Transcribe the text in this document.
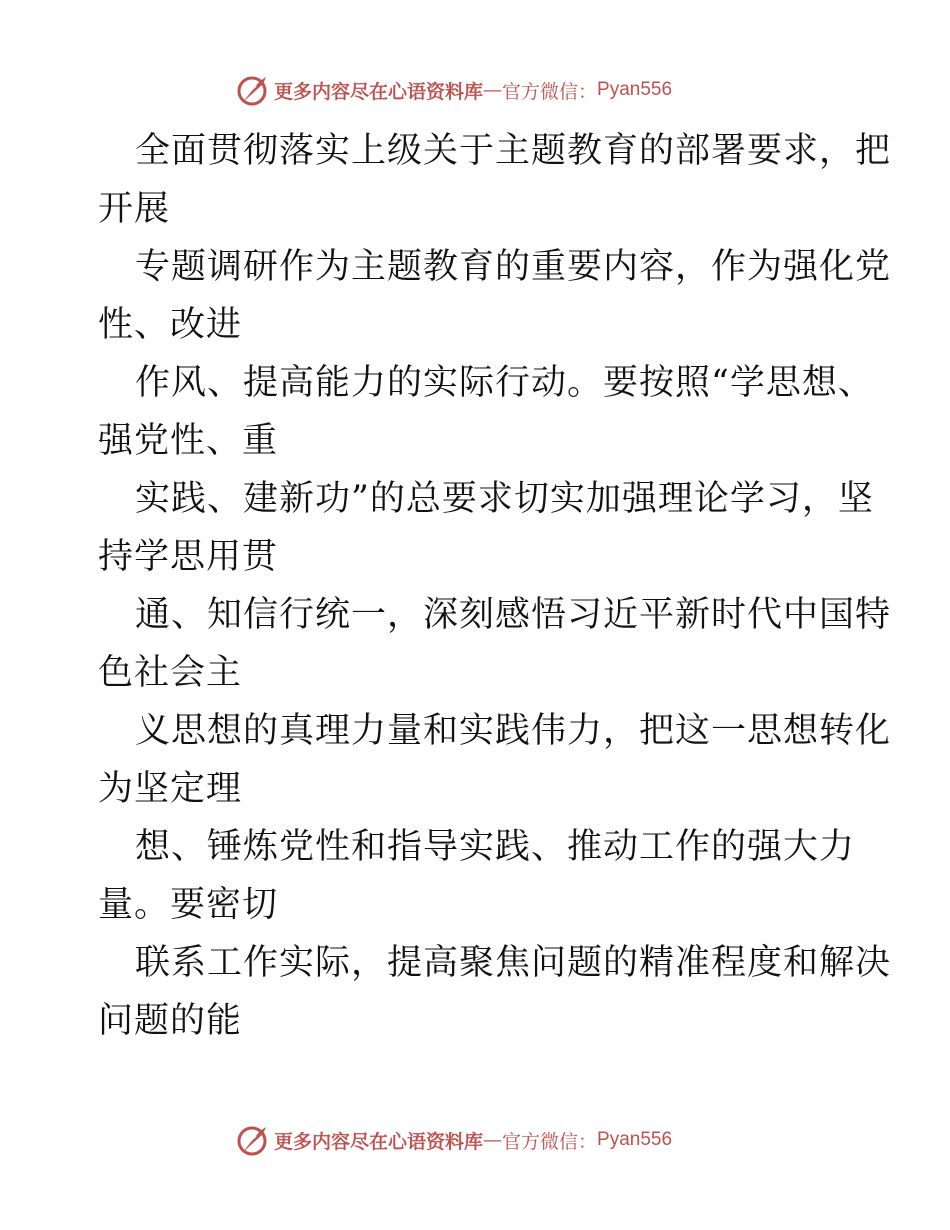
更多内容尽在心语资料库 — 官方微信： Pyan556
全面贯彻落实上级关于主题教育的部署要求，把
开展
专题调研作为主题教育的重要内容，作为强化党
性、改进
作风、提高能力的实际行动。要按照“学思想、
强党性、重
实践、建新功”的总要求切实加强理论学习，坚
持学思用贯
通、知信行统一，深刻感悟习近平新时代中国特
色社会主
义思想的真理力量和实践伟力，把这一思想转化
为坚定理
想、锤炼党性和指导实践、推动工作的强大力
量。要密切
联系工作实际，提高聚焦问题的精准程度和解决
问题的能
更多内容尽在心语资料库 — 官方微信： Pyan556
